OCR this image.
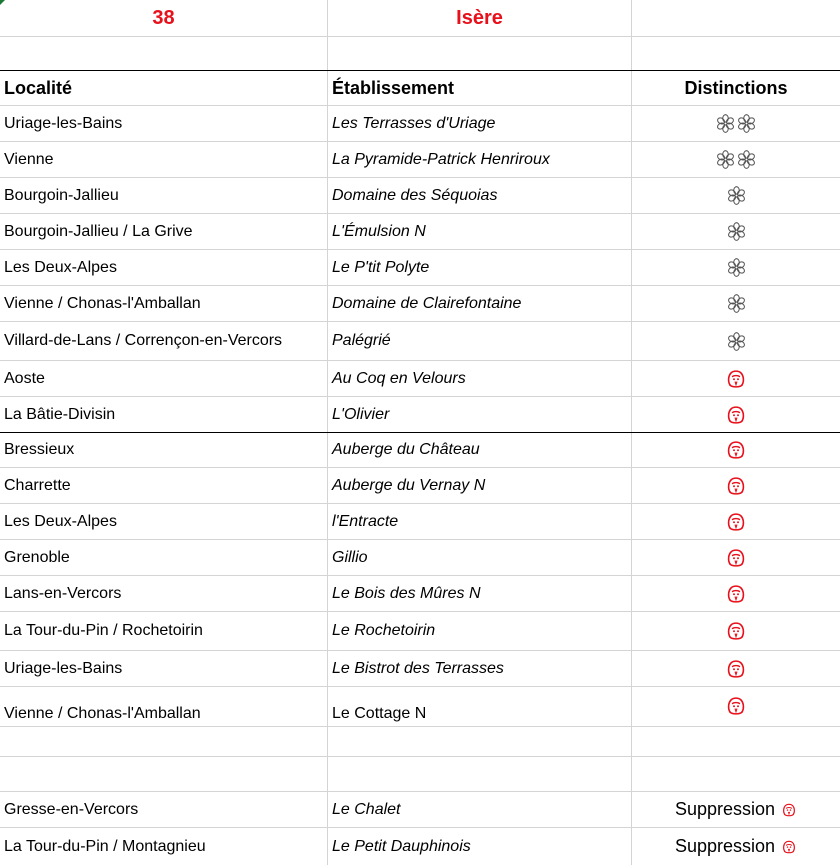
38	Isère
Localité	Établissement	Distinctions
Uriage-les-Bains	Les Terrasses d'Uriage
Vienne	La Pyramide-Patrick Henriroux
Bourgoin-Jallieu	Domaine des Séquoias
Bourgoin-Jallieu / La Grive	L'Émulsion N
Les Deux-Alpes	Le P'tit Polyte
Vienne / Chonas-l'Amballan	Domaine de Clairefontaine
Villard-de-Lans / Corrençon-en-Vercors	Palégrié
Aoste	Au Coq en Velours
La Bâtie-Divisin	L'Olivier
Bressieux	Auberge du Château
Charrette	Auberge du Vernay N
Les Deux-Alpes	l'Entracte
Grenoble	Gillio
Lans-en-Vercors	Le Bois des Mûres N
La Tour-du-Pin / Rochetoirin	Le Rochetoirin
Uriage-les-Bains	Le Bistrot des Terrasses
Vienne / Chonas-l'Amballan	Le Cottage N
Gresse-en-Vercors	Le Chalet	Suppression
La Tour-du-Pin / Montagnieu	Le Petit Dauphinois	Suppression
